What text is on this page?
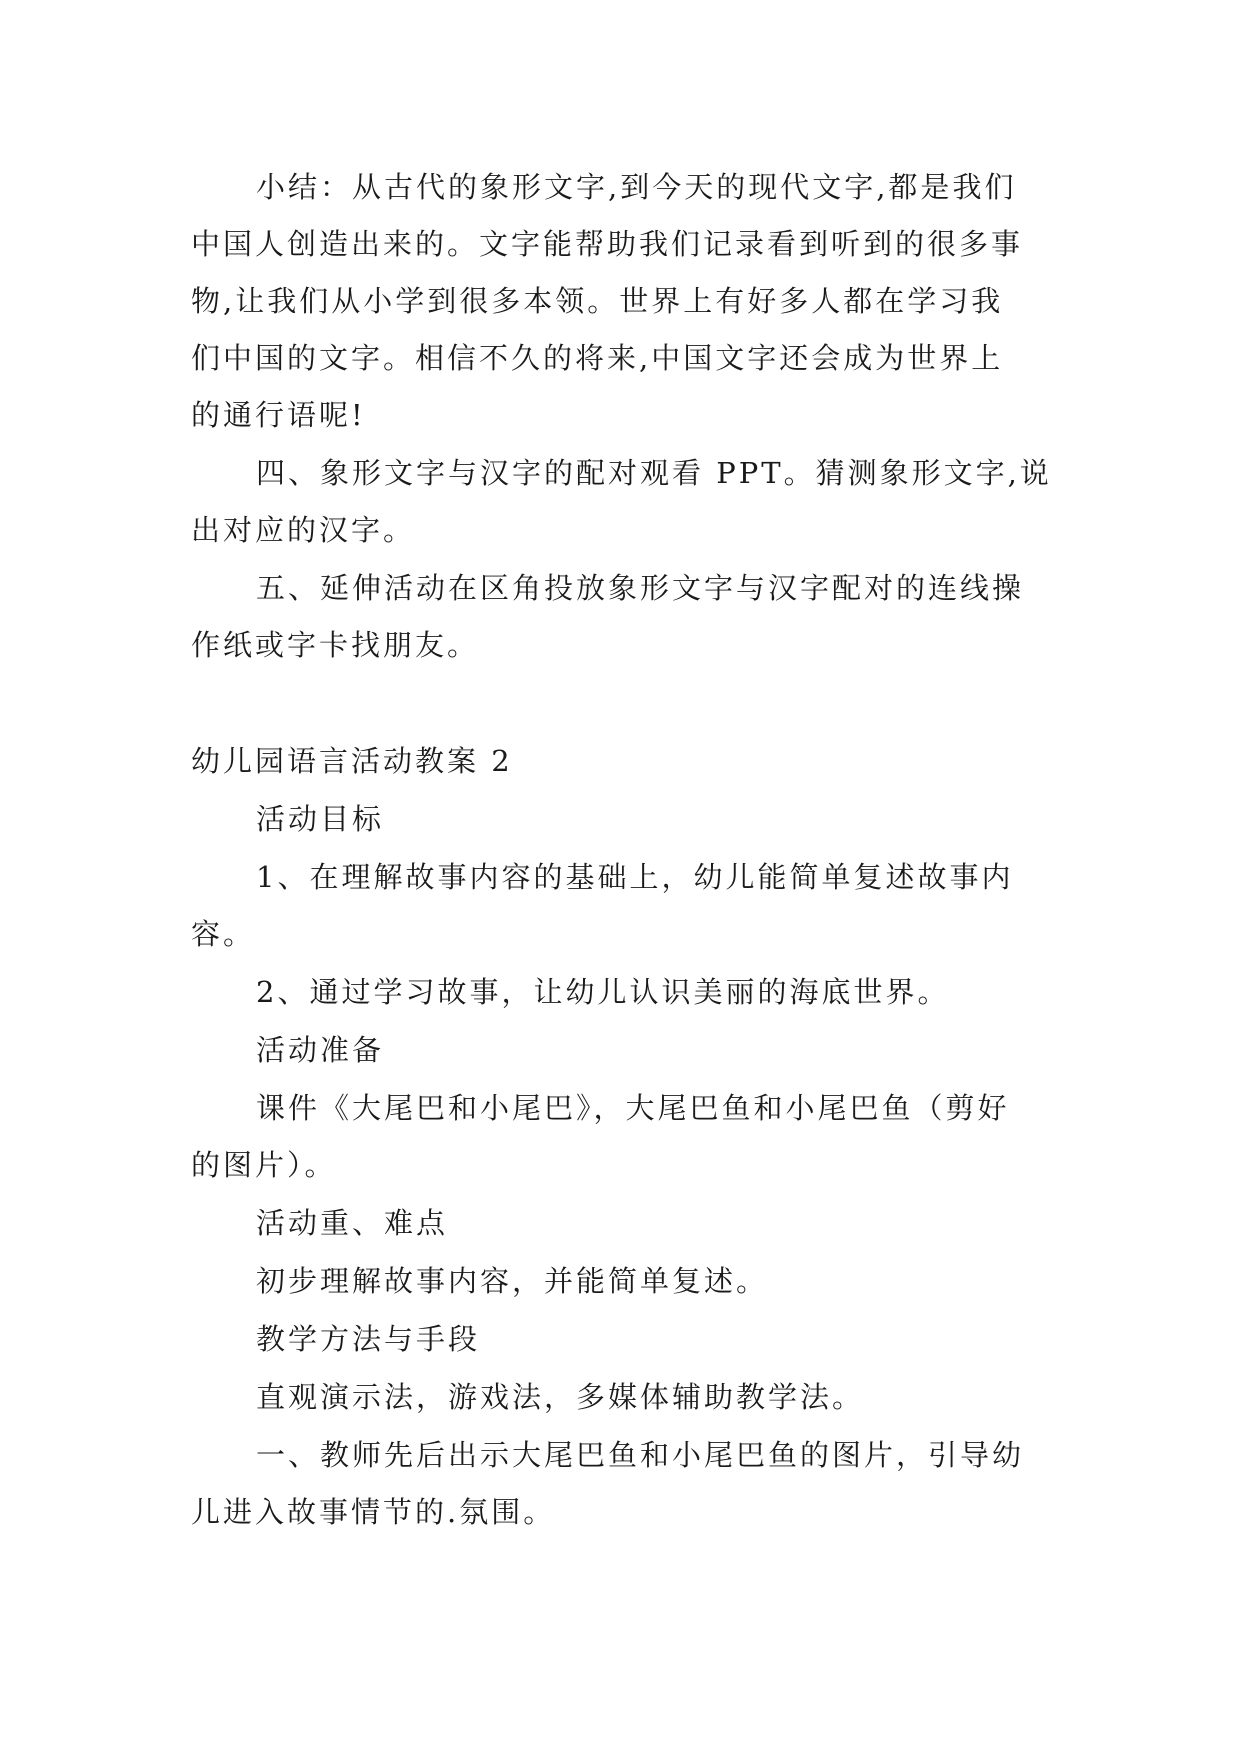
小结：从古代的象形文字,到今天的现代文字,都是我们
中国人创造出来的。文字能帮助我们记录看到听到的很多事
物,让我们从小学到很多本领。世界上有好多人都在学习我
们中国的文字。相信不久的将来,中国文字还会成为世界上
的通行语呢!
四、象形文字与汉字的配对观看 PPT。猜测象形文字,说
出对应的汉字。
五、延伸活动在区角投放象形文字与汉字配对的连线操
作纸或字卡找朋友。
幼儿园语言活动教案 2
活动目标
1、在理解故事内容的基础上，幼儿能简单复述故事内
容。
2、通过学习故事，让幼儿认识美丽的海底世界。
活动准备
课件《大尾巴和小尾巴》，大尾巴鱼和小尾巴鱼（剪好
的图片）。
活动重、难点
初步理解故事内容，并能简单复述。
教学方法与手段
直观演示法，游戏法，多媒体辅助教学法。
一、教师先后出示大尾巴鱼和小尾巴鱼的图片，引导幼
儿进入故事情节的.氛围。
